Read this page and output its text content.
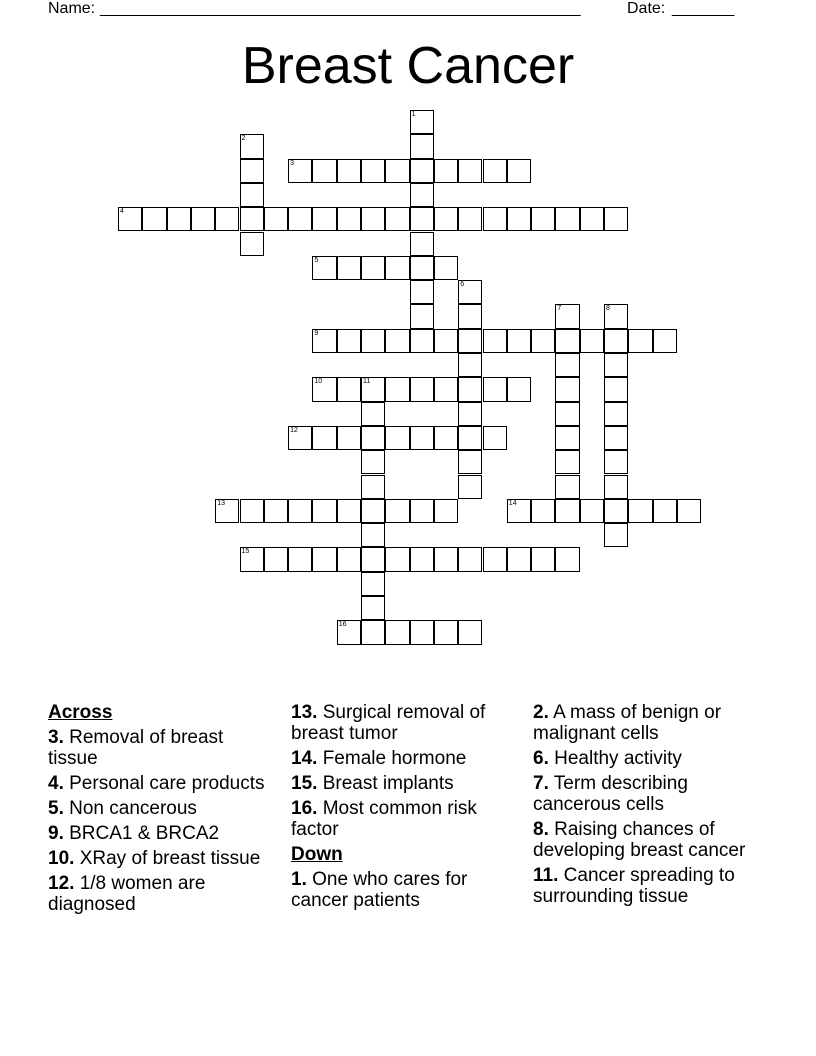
Name: ______________________________________________________	Date: _______
Breast Cancer
1
2
3
4
5
6
7	8
9
10	11
12
13	14
15
16
Across
3. Removal of breast tissue
4. Personal care products
5. Non cancerous
9. BRCA1 & BRCA2
10. XRay of breast tissue
12. 1/8 women are diagnosed
13. Surgical removal of breast tumor
14. Female hormone
15. Breast implants
16. Most common risk factor
Down
1. One who cares for cancer patients
2. A mass of benign or malignant cells
6. Healthy activity
7. Term describing cancerous cells
8. Raising chances of developing breast cancer
11. Cancer spreading to surrounding tissue
